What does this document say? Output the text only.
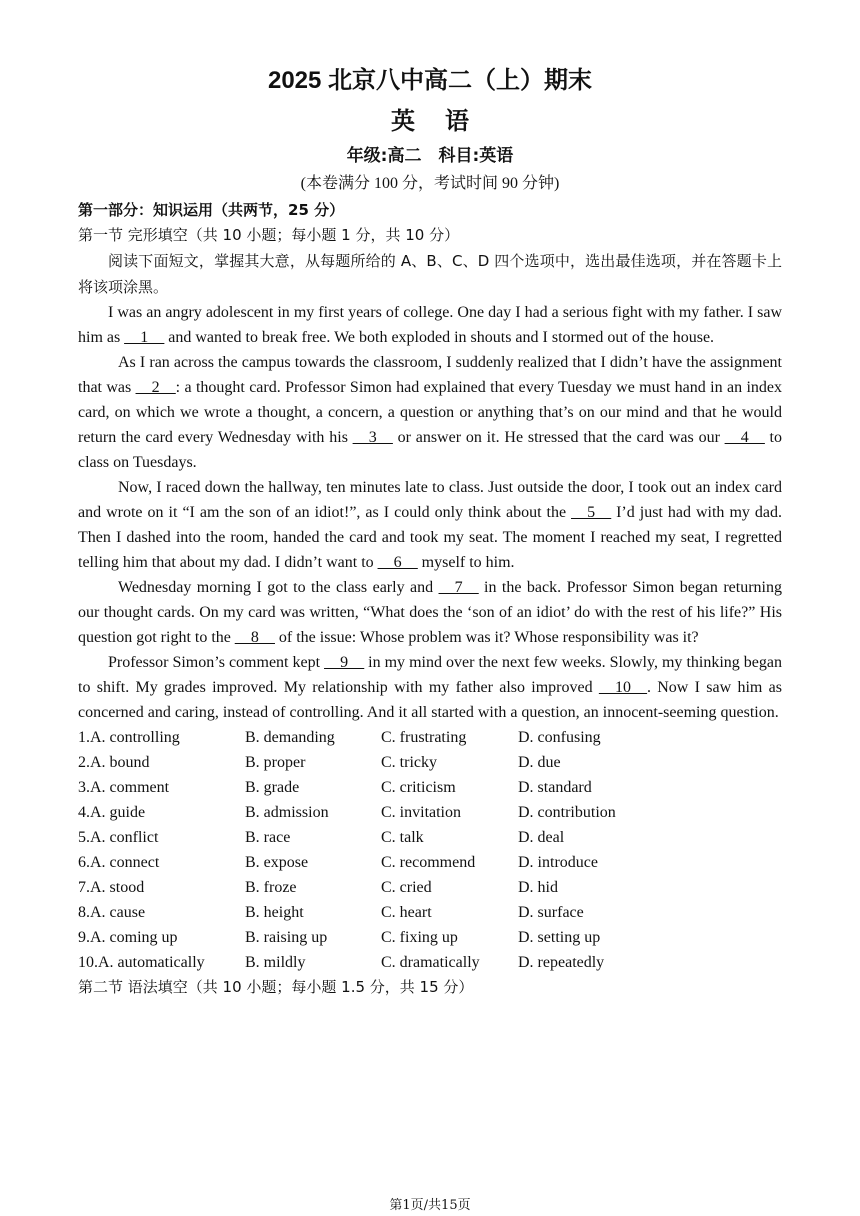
2025 北京八中高二（上）期末

英语

年级:高二　科目:英语

(本卷满分 100 分，考试时间 90 分钟)

第一部分：知识运用（共两节，25 分）

第一节 完形填空（共 10 小题；每小题 1 分，共 10 分）

阅读下面短文，掌握其大意，从每题所给的 A、B、C、D 四个选项中，选出最佳选项，并在答题卡上将该项涂黑。

I was an angry adolescent in my first years of college. One day I had a serious fight with my father. I saw him as __1__ and wanted to break free. We both exploded in shouts and I stormed out of the house.

As I ran across the campus towards the classroom, I suddenly realized that I didn’t have the assignment that was __2__: a thought card. Professor Simon had explained that every Tuesday we must hand in an index card, on which we wrote a thought, a concern, a question or anything that’s on our mind and that he would return the card every Wednesday with his __3__ or answer on it. He stressed that the card was our __4__ to class on Tuesdays.

Now, I raced down the hallway, ten minutes late to class. Just outside the door, I took out an index card and wrote on it “I am the son of an idiot!”, as I could only think about the __5__ I’d just had with my dad. Then I dashed into the room, handed the card and took my seat. The moment I reached my seat, I regretted telling him that about my dad. I didn’t want to __6__ myself to him.

Wednesday morning I got to the class early and __7__ in the back. Professor Simon began returning our thought cards. On my card was written, “What does the ‘son of an idiot’ do with the rest of his life?” His question got right to the __8__ of the issue: Whose problem was it? Whose responsibility was it?

Professor Simon’s comment kept __9__ in my mind over the next few weeks. Slowly, my thinking began to shift. My grades improved. My relationship with my father also improved __10__. Now I saw him as concerned and caring, instead of controlling. And it all started with a question, an innocent-seeming question.

1.A. controlling	B. demanding	C. frustrating	D. confusing
2.A. bound	B. proper	C. tricky	D. due
3.A. comment	B. grade	C. criticism	D. standard
4.A. guide	B. admission	C. invitation	D. contribution
5.A. conflict	B. race	C. talk	D. deal
6.A. connect	B. expose	C. recommend	D. introduce
7.A. stood	B. froze	C. cried	D. hid
8.A. cause	B. height	C. heart	D. surface
9.A. coming up	B. raising up	C. fixing up	D. setting up
10.A. automatically	B. mildly	C. dramatically	D. repeatedly

第二节 语法填空（共 10 小题；每小题 1.5 分，共 15 分）

第1页/共15页
